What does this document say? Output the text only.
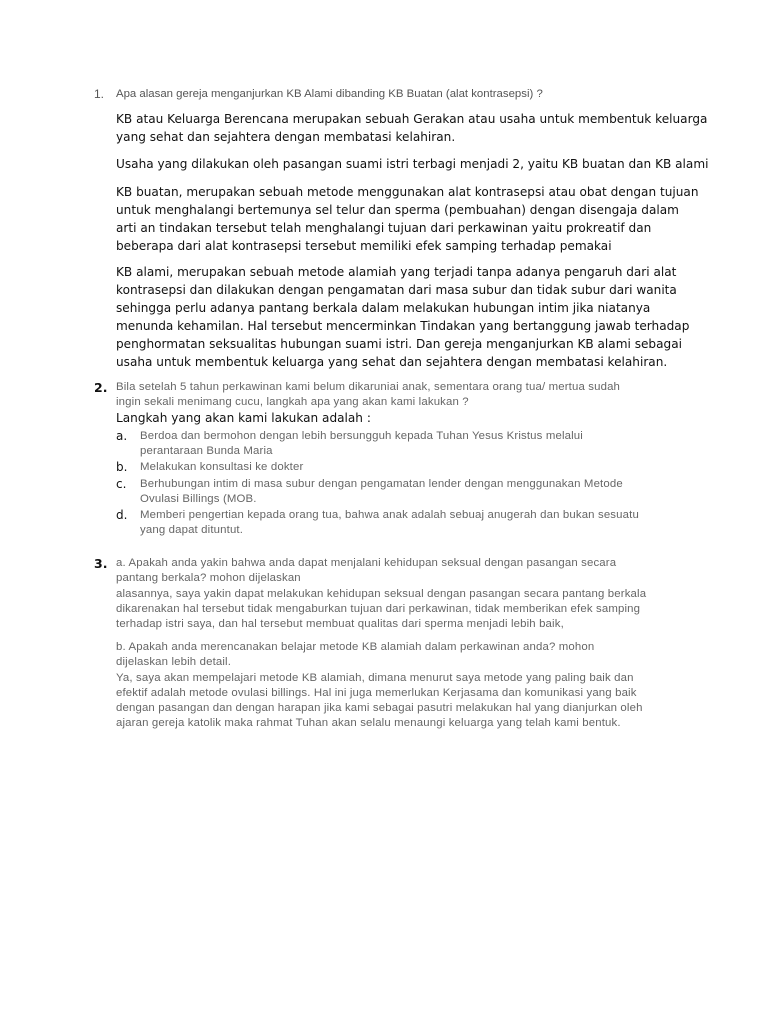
1. Apa alasan gereja menganjurkan KB Alami dibanding KB Buatan (alat kontrasepsi) ?
KB atau Keluarga Berencana merupakan sebuah Gerakan atau usaha untuk membentuk keluarga
yang sehat dan sejahtera dengan membatasi kelahiran.
Usaha yang dilakukan oleh pasangan suami istri terbagi menjadi 2, yaitu KB buatan dan KB alami
KB buatan, merupakan sebuah metode menggunakan alat kontrasepsi atau obat dengan tujuan
untuk menghalangi bertemunya sel telur dan sperma (pembuahan) dengan disengaja dalam
arti an tindakan tersebut telah menghalangi tujuan dari perkawinan yaitu prokreatif dan
beberapa dari alat kontrasepsi tersebut memiliki efek samping terhadap pemakai
KB alami, merupakan sebuah metode alamiah yang terjadi tanpa adanya pengaruh dari alat
kontrasepsi dan dilakukan dengan pengamatan dari masa subur dan tidak subur dari wanita
sehingga perlu adanya pantang berkala dalam melakukan hubungan intim jika niatanya
menunda kehamilan. Hal tersebut mencerminkan Tindakan yang bertanggung jawab terhadap
penghormatan seksualitas hubungan suami istri. Dan gereja menganjurkan KB alami sebagai
usaha untuk membentuk keluarga yang sehat dan sejahtera dengan membatasi kelahiran.
2. Bila setelah 5 tahun perkawinan kami belum dikaruniai anak, sementara orang tua/ mertua sudah
ingin sekali menimang cucu, langkah apa yang akan kami lakukan ?
Langkah yang akan kami lakukan adalah :
a. Berdoa dan bermohon dengan lebih bersungguh kepada Tuhan Yesus Kristus melalui
perantaraan Bunda Maria
b. Melakukan konsultasi ke dokter
c. Berhubungan intim di masa subur dengan pengamatan lender dengan menggunakan Metode
Ovulasi Billings (MOB.
d. Memberi pengertian kepada orang tua, bahwa anak adalah sebuaj anugerah dan bukan sesuatu
yang dapat dituntut.
3. a. Apakah anda yakin bahwa anda dapat menjalani kehidupan seksual dengan pasangan secara
pantang berkala? mohon dijelaskan
alasannya, saya yakin dapat melakukan kehidupan seksual dengan pasangan secara pantang berkala
dikarenakan hal tersebut tidak mengaburkan tujuan dari perkawinan, tidak memberikan efek samping
terhadap istri saya, dan hal tersebut membuat qualitas dari sperma menjadi lebih baik,
b. Apakah anda merencanakan belajar metode KB alamiah dalam perkawinan anda? mohon
dijelaskan lebih detail.
Ya, saya akan mempelajari metode KB alamiah, dimana menurut saya metode yang paling baik dan
efektif adalah metode ovulasi billings. Hal ini juga memerlukan Kerjasama dan komunikasi yang baik
dengan pasangan dan dengan harapan jika kami sebagai pasutri melakukan hal yang dianjurkan oleh
ajaran gereja katolik maka rahmat Tuhan akan selalu menaungi keluarga yang telah kami bentuk.
